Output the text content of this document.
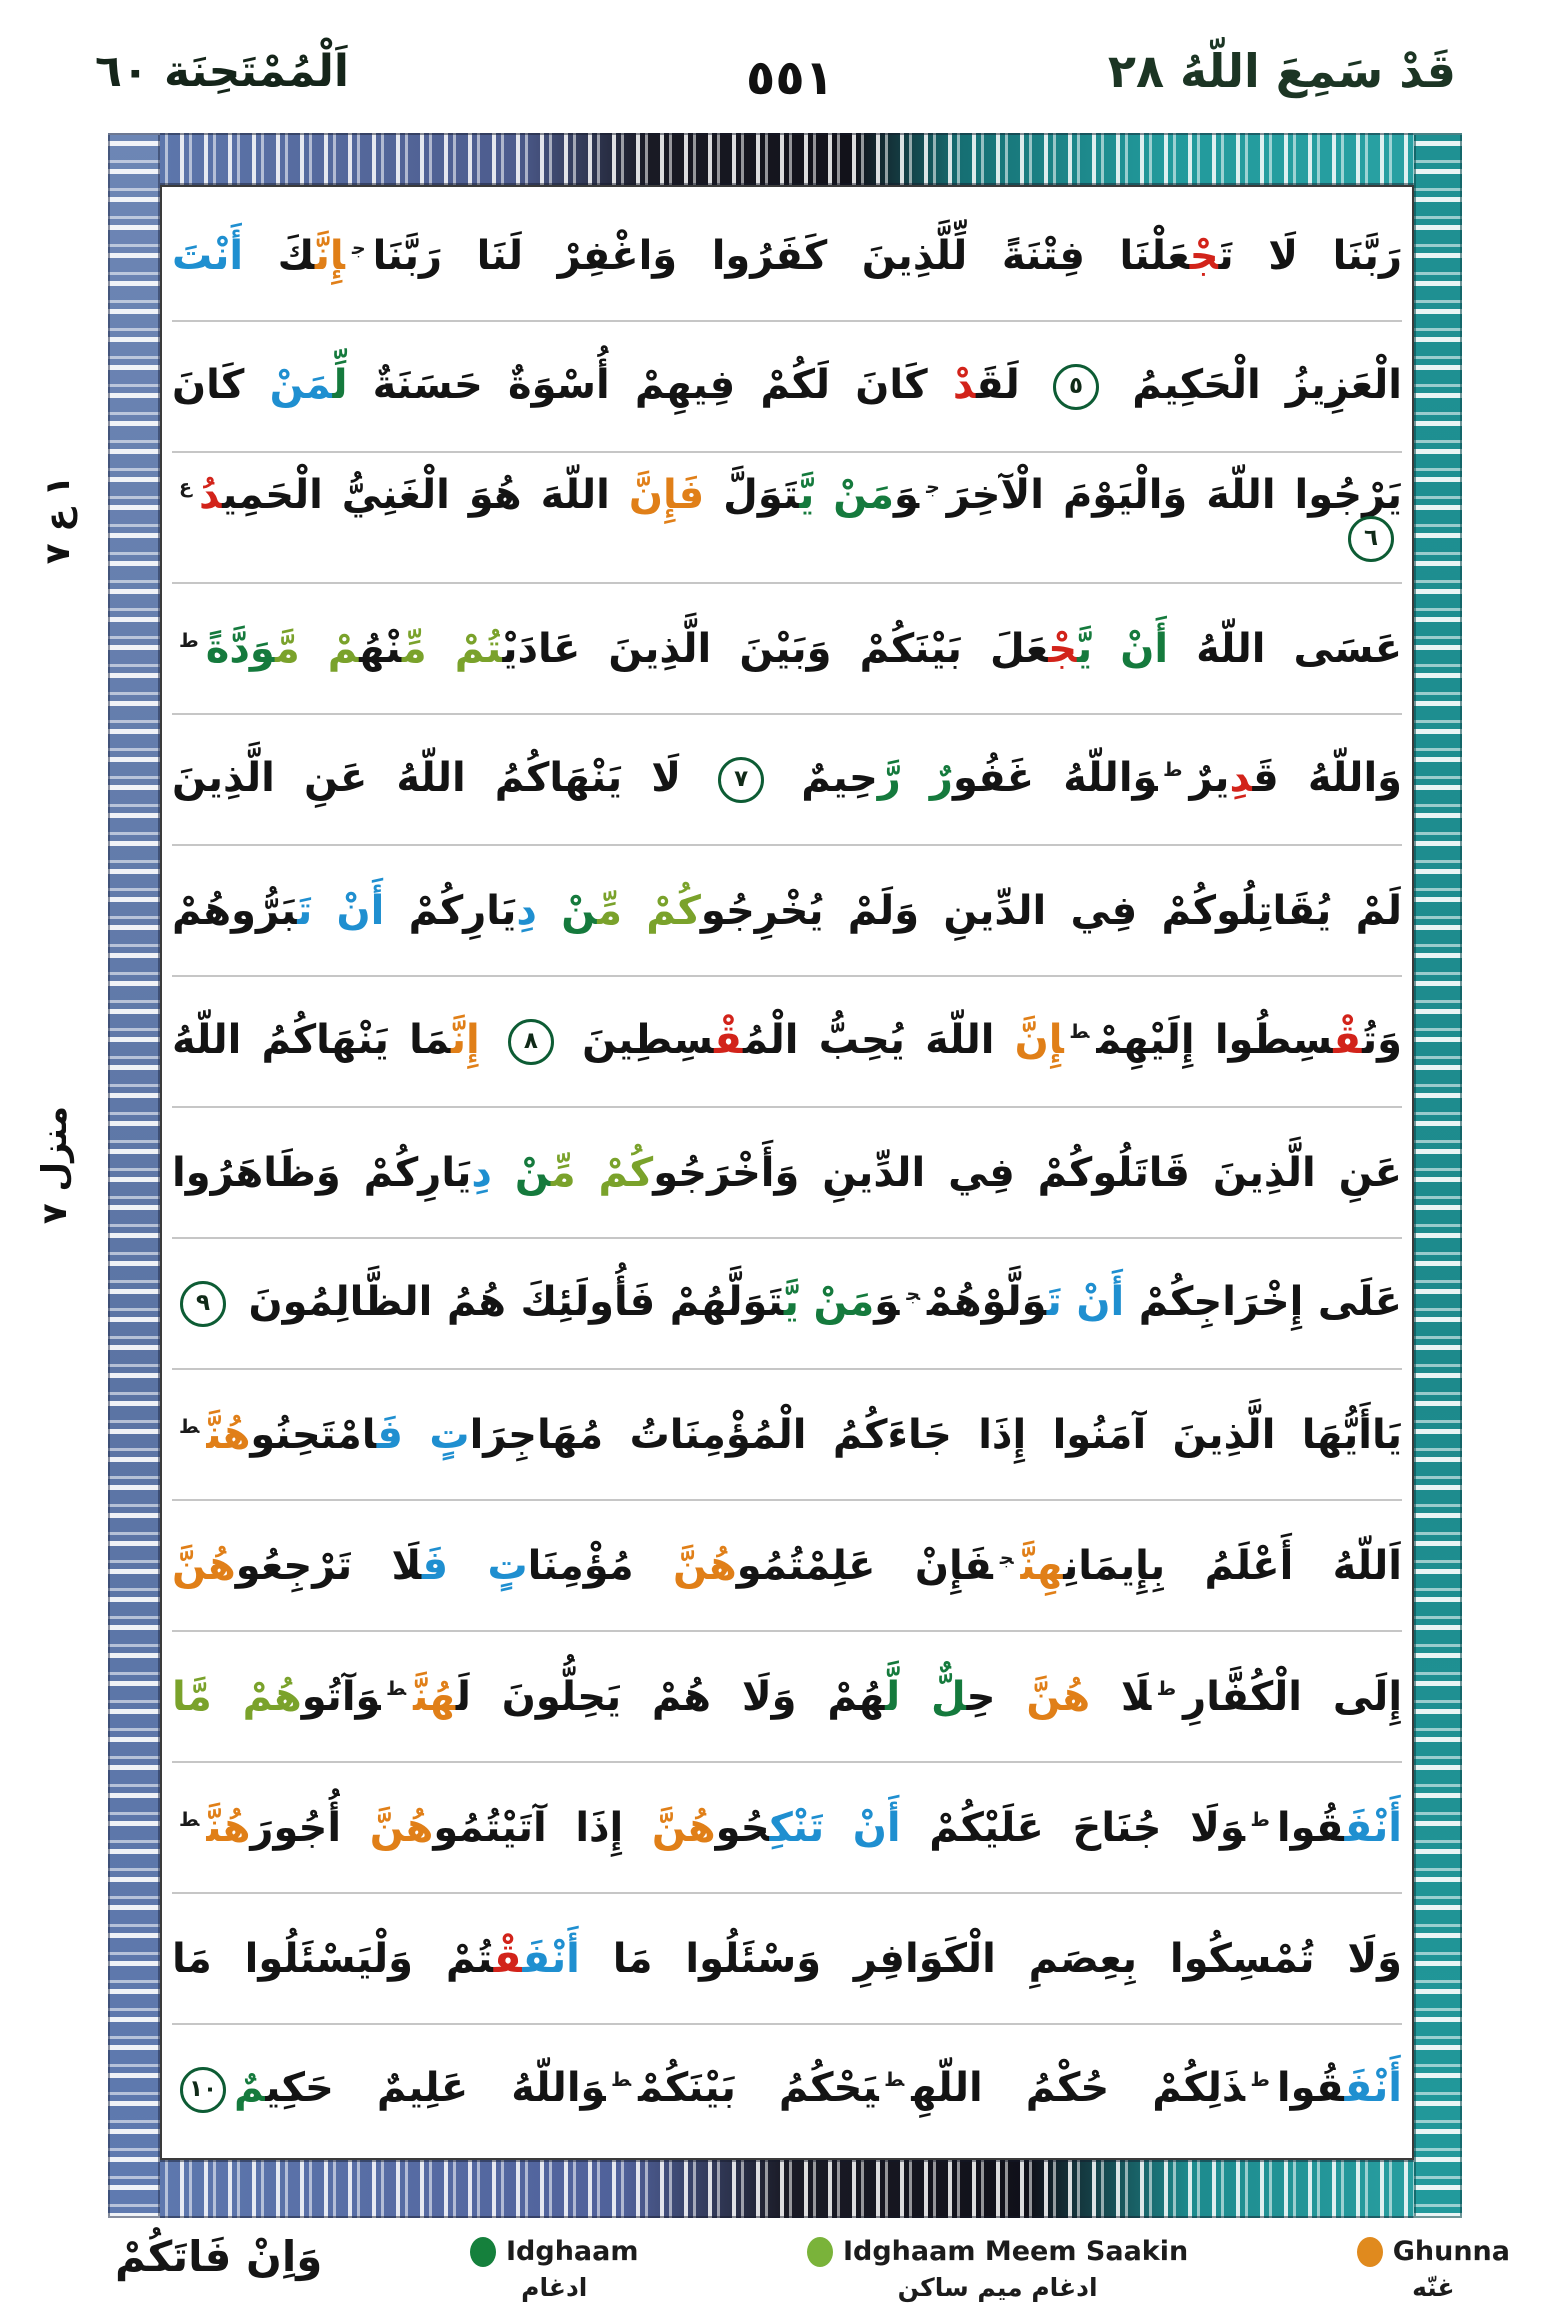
اَلْمُمْتَحِنَة ٦٠	٥٥١	قَدْ سَمِعَ اللّهُ ٢٨
رَبَّنَا لَا تَجْعَلْنَا فِتْنَةً لِّلَّذِينَ كَفَرُوا وَاغْفِرْ لَنَا رَبَّنَا$^ج$إِنَّكَ أَنْتَ
الْعَزِيزُ الْحَكِيمُ ٥ لَقَدْ كَانَ لَكُمْ فِيهِمْ أُسْوَةٌ حَسَنَةٌ لِّمَنْ كَانَ
يَرْجُوا اللّهَ وَالْيَوْمَ الْآخِرَ$^ج$وَمَنْ يَّتَوَلَّ فَإِنَّ اللّهَ هُوَ الْغَنِيُّ الْحَمِيدُ$^ع$٦
عَسَى اللّهُ أَنْ يَّجْعَلَ بَيْنَكُمْ وَبَيْنَ الَّذِينَ عَادَيْتُمْ مِّنْهُمْ مَّوَدَّةً$^ط$
وَاللّهُ قَدِيرٌ$^ط$وَاللّهُ غَفُورٌ رَّحِيمٌ ٧ لَا يَنْهَاكُمُ اللّهُ عَنِ الَّذِينَ
لَمْ يُقَاتِلُوكُمْ فِي الدِّينِ وَلَمْ يُخْرِجُوكُمْ مِّنْ دِيَارِكُمْ أَنْ تَبَرُّوهُمْ
وَتُقْسِطُوا إِلَيْهِمْ$^ط$إِنَّ اللّهَ يُحِبُّ الْمُقْسِطِينَ ٨ إِنَّمَا يَنْهَاكُمُ اللّهُ
عَنِ الَّذِينَ قَاتَلُوكُمْ فِي الدِّينِ وَأَخْرَجُوكُمْ مِّنْ دِيَارِكُمْ وَظَاهَرُوا
عَلَى إِخْرَاجِكُمْ أَنْ تَوَلَّوْهُمْ$^ج$وَمَنْ يَّتَوَلَّهُمْ فَأُولَئِكَ هُمُ الظَّالِمُونَ ٩
يَاأَيُّهَا الَّذِينَ آمَنُوا إِذَا جَاءَكُمُ الْمُؤْمِنَاتُ مُهَاجِرَاتٍ فَامْتَحِنُوهُنَّ$^ط$
اَللّهُ أَعْلَمُ بِإِيمَانِهِنَّ$^ج$فَإِنْ عَلِمْتُمُوهُنَّ مُؤْمِنَاتٍ فَلَا تَرْجِعُوهُنَّ
إِلَى الْكُفَّارِ$^ط$لَا هُنَّ حِلٌّ لَّهُمْ وَلَا هُمْ يَحِلُّونَ لَهُنَّ$^ط$وَآتُوهُمْ مَّا
أَنْفَقُوا$^ط$وَلَا جُنَاحَ عَلَيْكُمْ أَنْ تَنْكِحُوهُنَّ إِذَا آتَيْتُمُوهُنَّ أُجُورَهُنَّ$^ط$
وَلَا تُمْسِكُوا بِعِصَمِ الْكَوَافِرِ وَسْئَلُوا مَا أَنْفَقْتُمْ وَلْيَسْئَلُوا مَا
أَنْفَقُوا$^ط$ذَلِكُمْ حُكْمُ اللّهِ$^ط$يَحْكُمُ بَيْنَكُمْ$^ط$وَاللّهُ عَلِيمٌ حَكِيمٌ١٠
١ ع ٧
منزل ٧
وَاِنْ فَاتَكُمْ	Idghaam
ادغام
Idghaam Meem Saakin
ادغام ميم ساكن
Ghunna
غنّه
